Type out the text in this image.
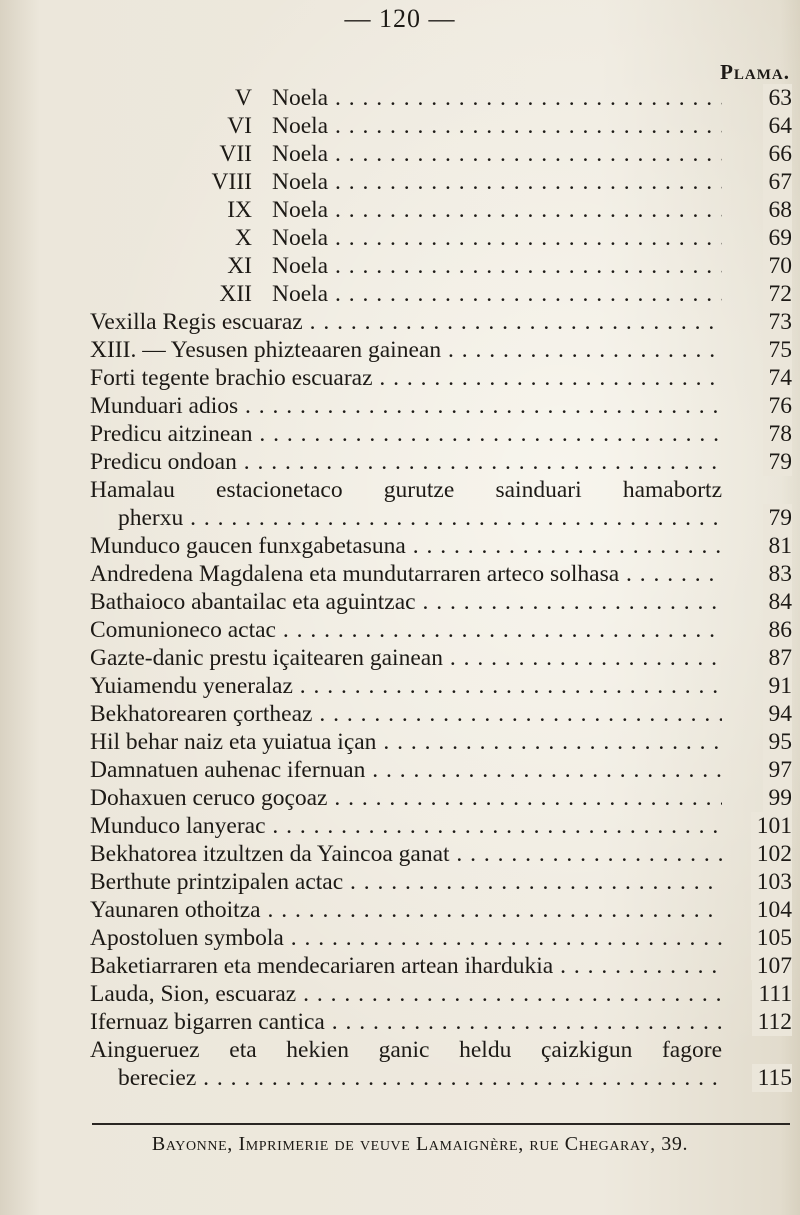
— 120 —
Plama.
V Noela . . .	63
VI Noela . . .	64
VII Noela . . .	66
VIII Noela . . .	67
IX Noela . . .	68
X Noela . . .	69
XI Noela . . .	70
XII Noela . . .	72
Vexilla Regis escuaraz . . .	73
XIII. — Yesusen phizteaaren gainean . . .	75
Forti tegente brachio escuaraz . . .	74
Munduari adios . . .	76
Predicu aitzinean . . .	78
Predicu ondoan . . .	79
Hamalau estacionetaco gurutze sainduari hamabortz
pherxu . . .	79
Munduco gaucen funxgabetasuna . . .	81
Andredena Magdalena eta mundutarraren arteco solhasa . . .	83
Bathaioco abantailac eta aguintzac . . .	84
Comunioneco actac . . .	86
Gazte-danic prestu içaitearen gainean . . .	87
Yuiamendu yeneralaz . . .	91
Bekhatorearen çortheaz . . .	94
Hil behar naiz eta yuiatua içan . . .	95
Damnatuen auhenac ifernuan . . .	97
Dohaxuen ceruco goçoaz . . .	99
Munduco lanyerac . . .	101
Bekhatorea itzultzen da Yaincoa ganat . . .	102
Berthute printzipalen actac . . .	103
Yaunaren othoitza . . .	104
Apostoluen symbola . . .	105
Baketiarraren eta mendecariaren artean ihardukia . . .	107
Lauda, Sion, escuaraz . . .	111
Ifernuaz bigarren cantica . . .	112
Aingueruez eta hekien ganic heldu çaizkigun fagore
bereciez . . .	115
Bayonne, Imprimerie de veuve Lamaignère, rue Chegaray, 39.
